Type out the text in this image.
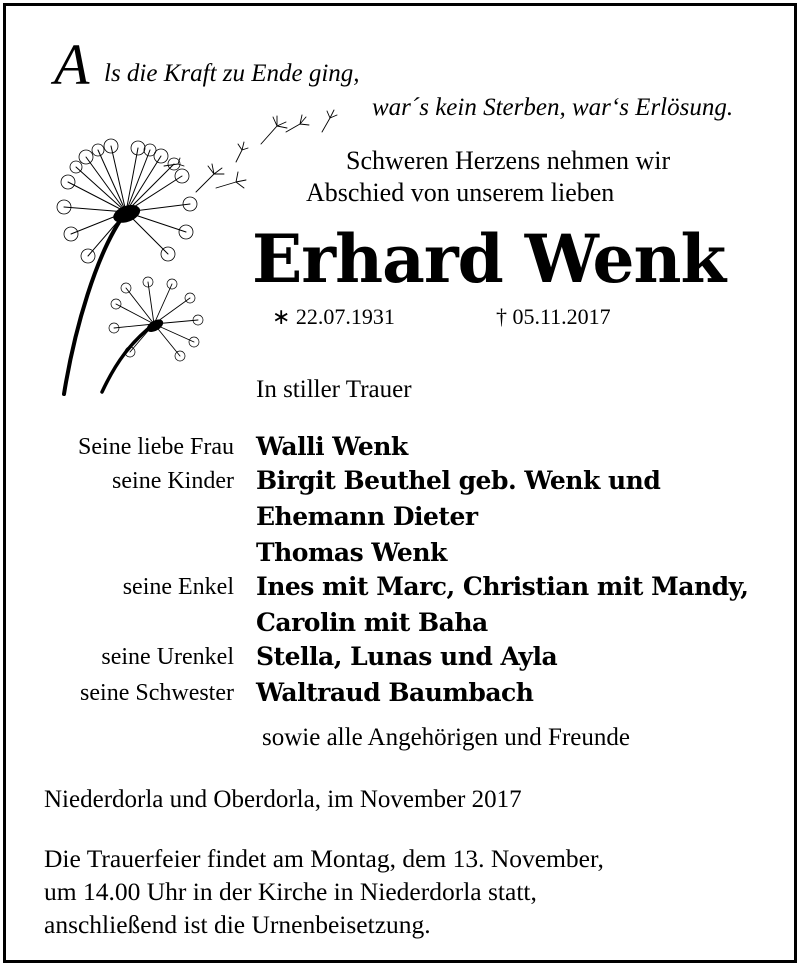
A ls die Kraft zu Ende ging,
war´s kein Sterben, war‘s Erlösung.
Schweren Herzens nehmen wir
Abschied von unserem lieben
Erhard Wenk
∗ 22.07.1931	† 05.11.2017
In stiller Trauer
Seine liebe Frau Walli Wenk
seine Kinder Birgit Beuthel geb. Wenk und
Ehemann Dieter
Thomas Wenk
seine Enkel Ines mit Marc, Christian mit Mandy,
Carolin mit Baha
seine Urenkel Stella, Lunas und Ayla
seine Schwester Waltraud Baumbach
sowie alle Angehörigen und Freunde
Niederdorla und Oberdorla, im November 2017
Die Trauerfeier findet am Montag, dem 13. November,
um 14.00 Uhr in der Kirche in Niederdorla statt,
anschließend ist die Urnenbeisetzung.
